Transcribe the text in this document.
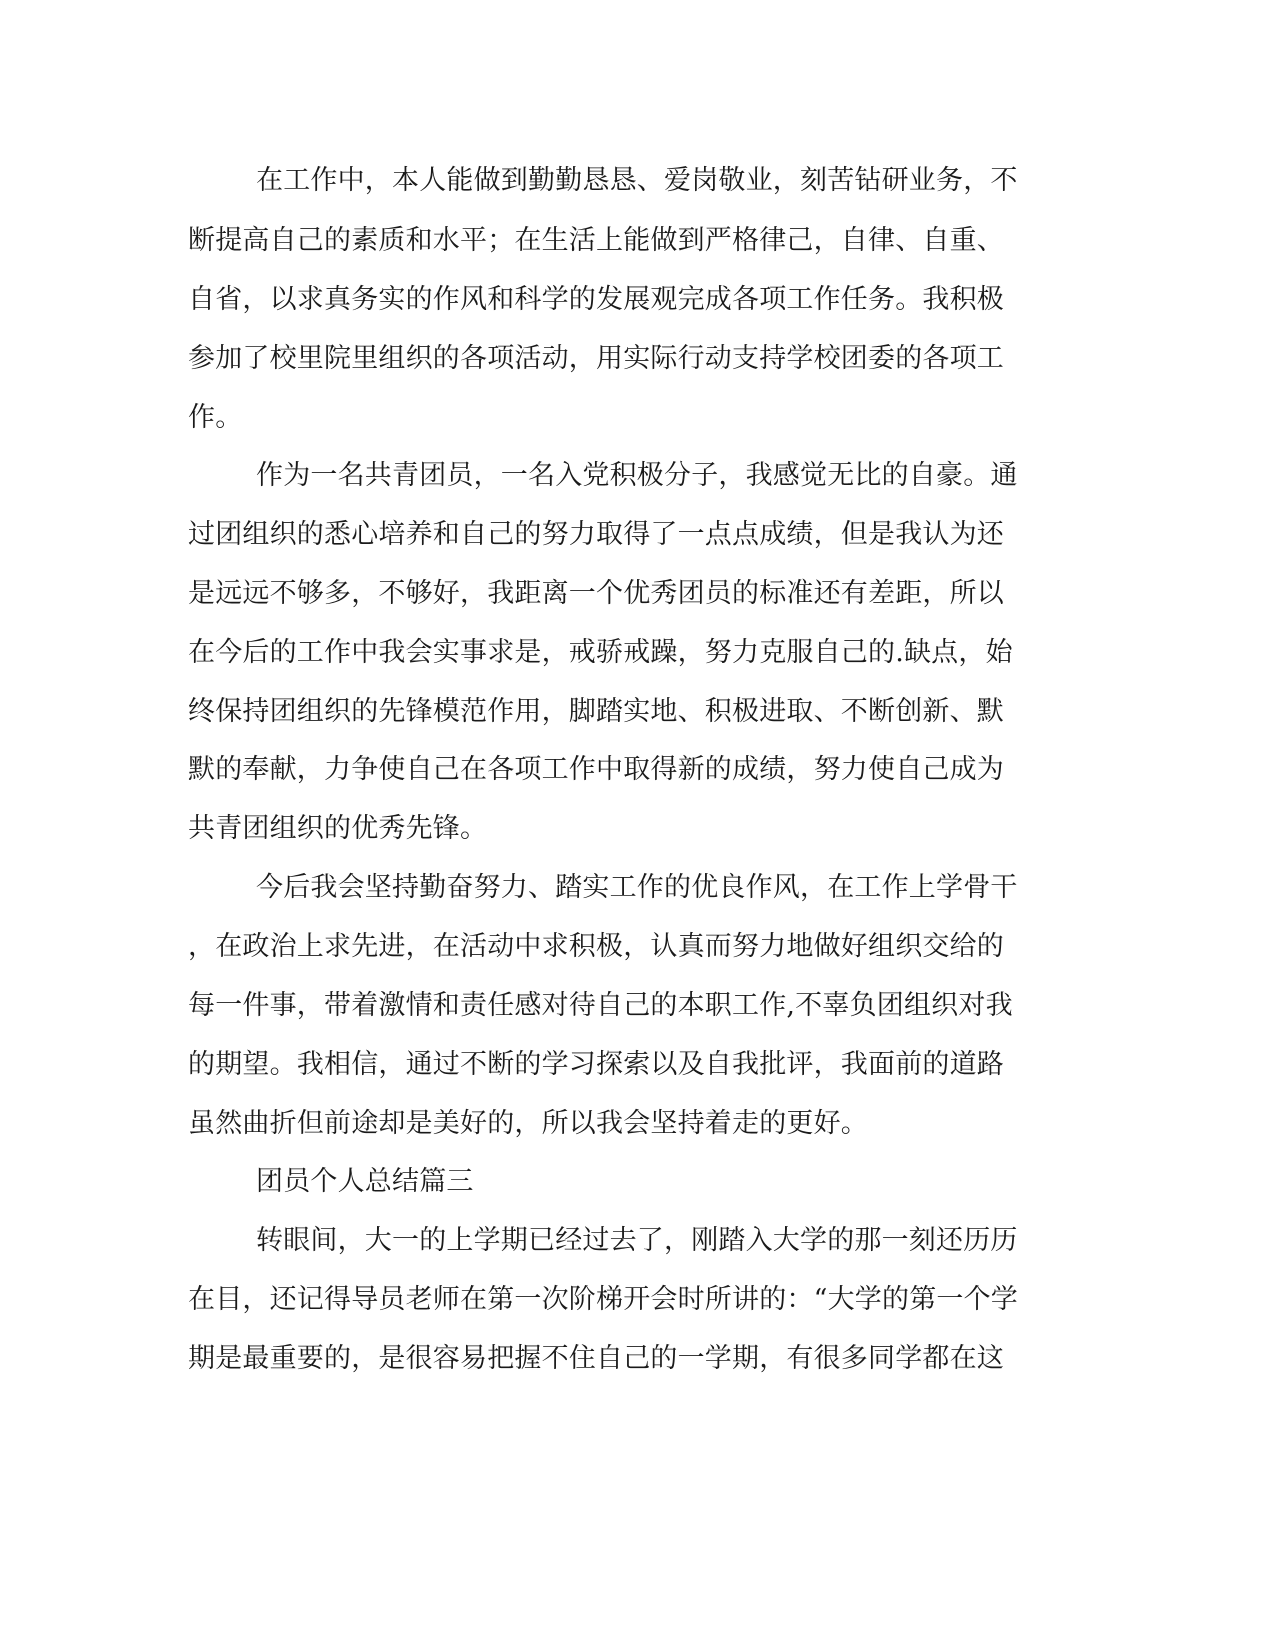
在工作中，本人能做到勤勤恳恳、爱岗敬业，刻苦钻研业务，不
断提高自己的素质和水平；在生活上能做到严格律己，自律、自重、
自省，以求真务实的作风和科学的发展观完成各项工作任务。我积极
参加了校里院里组织的各项活动，用实际行动支持学校团委的各项工
作。
作为一名共青团员，一名入党积极分子，我感觉无比的自豪。通
过团组织的悉心培养和自己的努力取得了一点点成绩，但是我认为还
是远远不够多，不够好，我距离一个优秀团员的标准还有差距，所以
在今后的工作中我会实事求是，戒骄戒躁，努力克服自己的.缺点，始
终保持团组织的先锋模范作用，脚踏实地、积极进取、不断创新、默
默的奉献，力争使自己在各项工作中取得新的成绩，努力使自己成为
共青团组织的优秀先锋。
今后我会坚持勤奋努力、踏实工作的优良作风，在工作上学骨干
，在政治上求先进，在活动中求积极，认真而努力地做好组织交给的
每一件事，带着激情和责任感对待自己的本职工作,不辜负团组织对我
的期望。我相信，通过不断的学习探索以及自我批评，我面前的道路
虽然曲折但前途却是美好的，所以我会坚持着走的更好。
团员个人总结篇三
转眼间，大一的上学期已经过去了，刚踏入大学的那一刻还历历
在目，还记得导员老师在第一次阶梯开会时所讲的：“大学的第一个学
期是最重要的，是很容易把握不住自己的一学期，有很多同学都在这
